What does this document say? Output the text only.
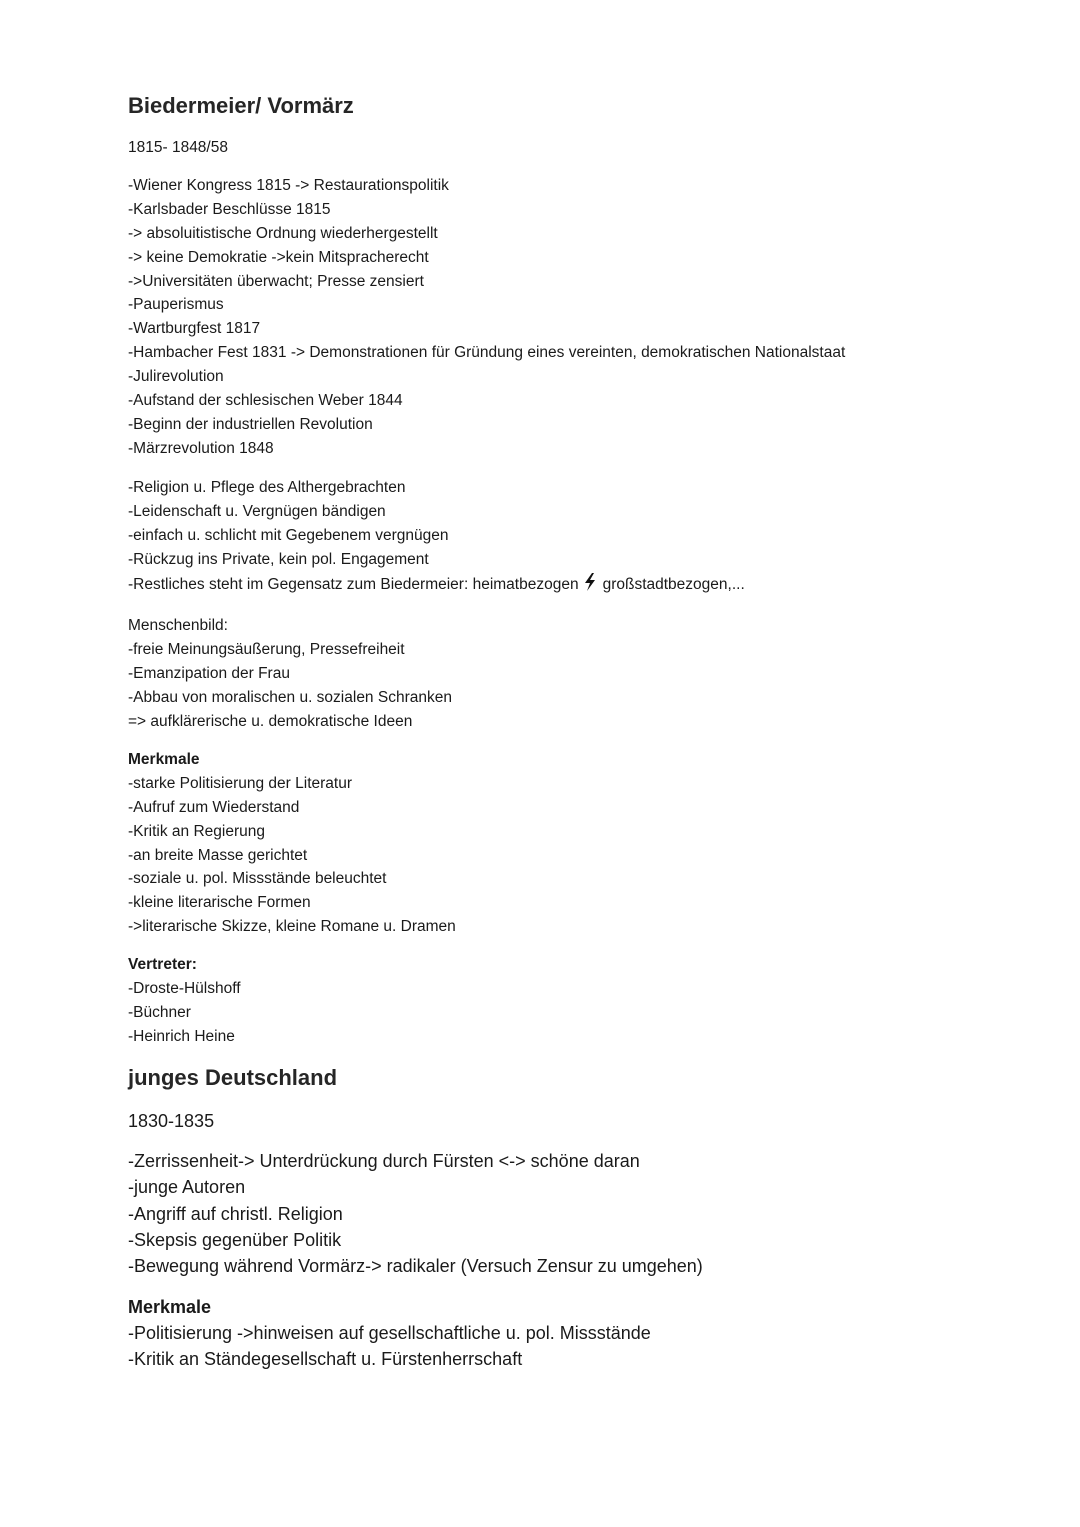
Biedermeier/ Vormärz
1815- 1848/58
-Wiener Kongress 1815 -> Restaurationspolitik
-Karlsbader Beschlüsse 1815
-> absoluitistische Ordnung wiederhergestellt
-> keine Demokratie ->kein Mitspracherecht
->Universitäten überwacht; Presse zensiert
-Pauperismus
-Wartburgfest 1817
-Hambacher Fest 1831 -> Demonstrationen für Gründung eines vereinten, demokratischen Nationalstaat
-Julirevolution
-Aufstand der schlesischen Weber 1844
-Beginn der industriellen Revolution
-Märzrevolution 1848
-Religion u. Pflege des Althergebrachten
-Leidenschaft u. Vergnügen bändigen
-einfach u. schlicht mit Gegebenem vergnügen
-Rückzug ins Private, kein pol. Engagement
-Restliches steht im Gegensatz zum Biedermeier: heimatbezogen großstadtbezogen,...
Menschenbild:
-freie Meinungsäußerung, Pressefreiheit
-Emanzipation der Frau
-Abbau von moralischen u. sozialen Schranken
=> aufklärerische u. demokratische Ideen
Merkmale
-starke Politisierung der Literatur
-Aufruf zum Wiederstand
-Kritik an Regierung
-an breite Masse gerichtet
-soziale u. pol. Missstände beleuchtet
-kleine literarische Formen
->literarische Skizze, kleine Romane u. Dramen
Vertreter:
-Droste-Hülshoff
-Büchner
-Heinrich Heine
junges Deutschland
1830-1835
-Zerrissenheit-> Unterdrückung durch Fürsten <-> schöne daran
-junge Autoren
-Angriff auf christl. Religion
-Skepsis gegenüber Politik
-Bewegung während Vormärz-> radikaler (Versuch Zensur zu umgehen)
Merkmale
-Politisierung ->hinweisen auf gesellschaftliche u. pol. Missstände
-Kritik an Ständegesellschaft u. Fürstenherrschaft
